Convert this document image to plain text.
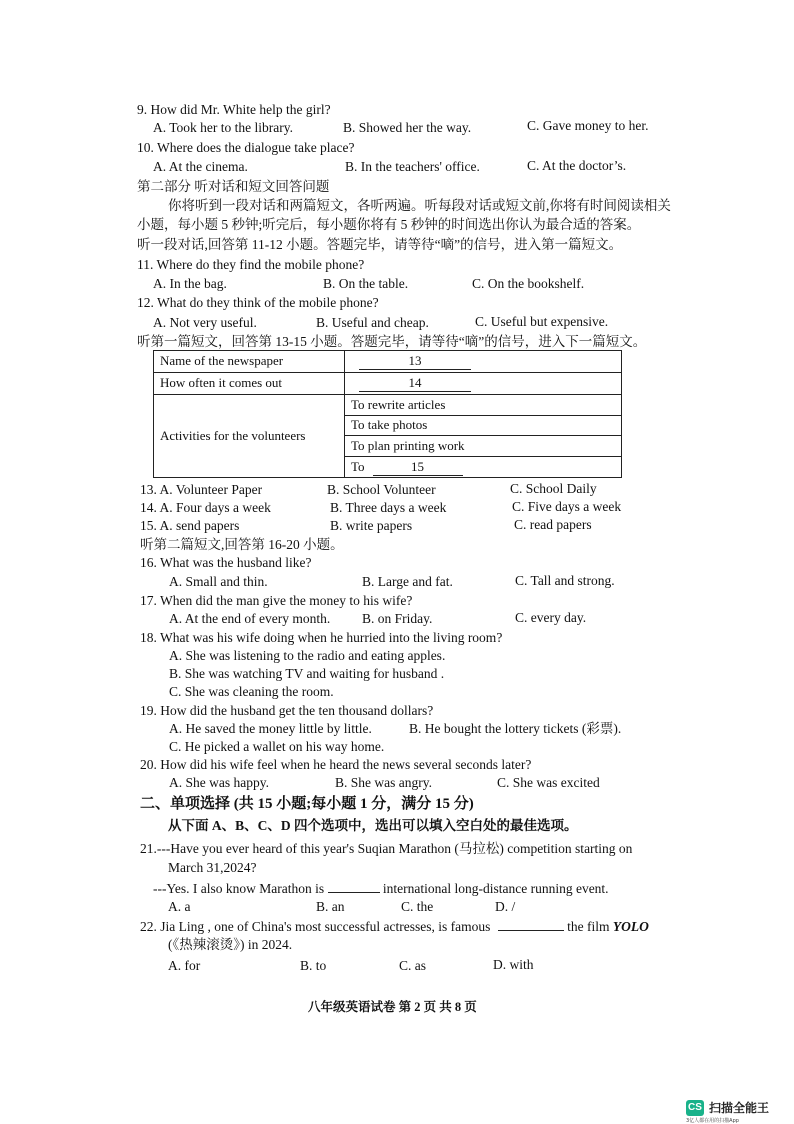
9. How did Mr. White help the girl?
A. Took her to the library.	B. Showed her the way.	C. Gave money to her.
10. Where does the dialogue take place?
A. At the cinema.	B. In the teachers' office.	C. At the doctor’s.
第二部分 听对话和短文回答问题
你将听到一段对话和两篇短文，各听两遍。听每段对话或短文前,你将有时间阅读相关
小题，每小题 5 秒钟;听完后，每小题你将有 5 秒钟的时间选出你认为最合适的答案。
听一段对话,回答第 11-12 小题。答题完毕，请等待“嘀”的信号，进入第一篇短文。
11. Where do they find the mobile phone?
A. In the bag.	B. On the table.	C. On the bookshelf.
12. What do they think of the mobile phone?
A. Not very useful.	B. Useful and cheap.	C. Useful but expensive.
听第一篇短文，回答第 13-15 小题。答题完毕，请等待“嘀”的信号，进入下一篇短文。
Name of the newspaper	13
How often it comes out	14
Activities for the volunteers	To rewrite articles
	To take photos
	To plan printing work
	To 15
13. A. Volunteer Paper	B. School Volunteer	C. School Daily
14. A. Four days a week	B. Three days a week	C. Five days a week
15. A. send papers	B. write papers	C. read papers
听第二篇短文,回答第 16-20 小题。
16. What was the husband like?
A. Small and thin.	B. Large and fat.	C. Tall and strong.
17. When did the man give the money to his wife?
A. At the end of every month. B. on Friday.	C. every day.
18. What was his wife doing when he hurried into the living room?
A. She was listening to the radio and eating apples.
B. She was watching TV and waiting for husband .
C. She was cleaning the room.
19. How did the husband get the ten thousand dollars?
A. He saved the money little by little.	B. He bought the lottery tickets (彩票).
C. He picked a wallet on his way home.
20. How did his wife feel when he heard the news several seconds later?
A. She was happy.	B. She was angry.	C. She was excited
二、单项选择 (共 15 小题;每小题 1 分，满分 15 分)
从下面 A、B、C、D 四个选项中，选出可以填入空白处的最佳选项。
21.---Have you ever heard of this year's Suqian Marathon (马拉松) competition starting on
March 31,2024?
---Yes. I also know Marathon is	international long-distance running event.
A. a	B. an	C. the	D. /
22. Jia Ling , one of China's most successful actresses, is famous	the film YOLO
(《热辣滚烫》) in 2024.
A. for	B. to	C. as	D. with
八年级英语试卷 第 2 页 共 8 页
CS 扫描全能王
3亿人都在用的扫描App
